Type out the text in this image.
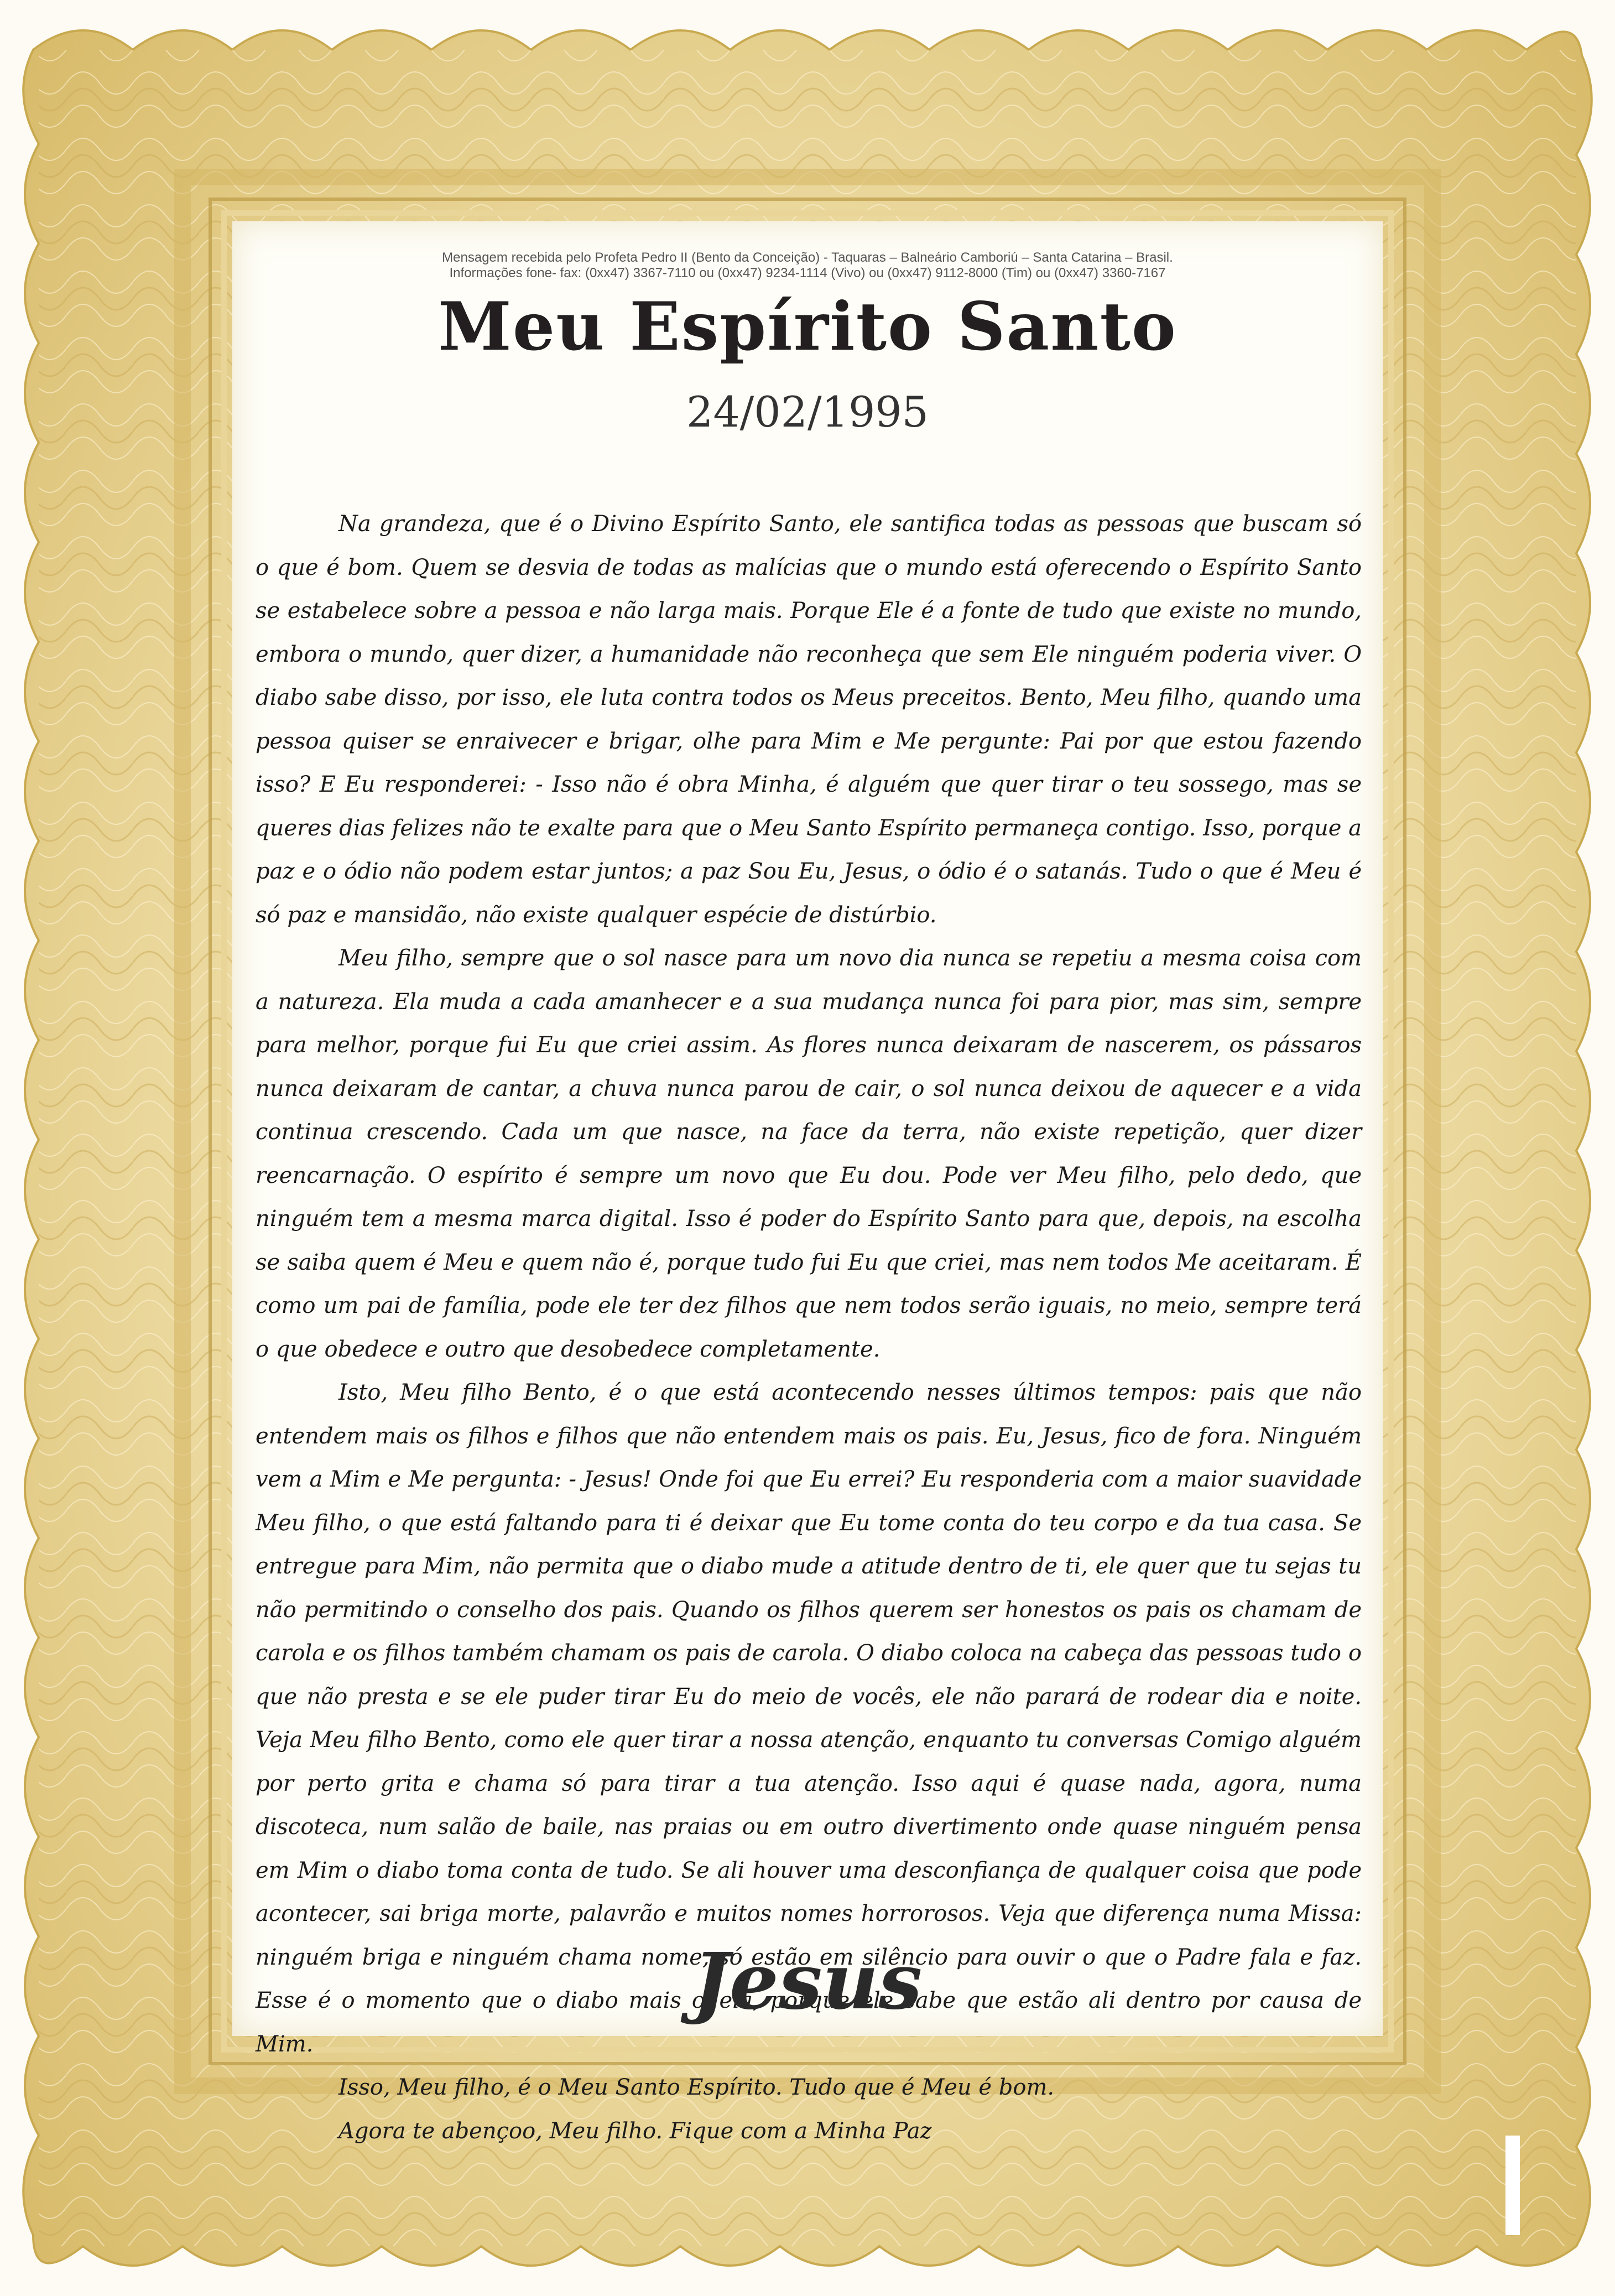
Mensagem recebida pelo Profeta Pedro II (Bento da Conceição) - Taquaras – Balneário Camboriú – Santa Catarina – Brasil.
Informações fone- fax: (0xx47) 3367-7110 ou (0xx47) 9234-1114 (Vivo) ou (0xx47) 9112-8000 (Tim) ou (0xx47) 3360-7167
Meu Espírito Santo
24/02/1995

Na grandeza, que é o Divino Espírito Santo, ele santifica todas as pessoas que buscam só o que é bom. Quem se desvia de todas as malícias que o mundo está oferecendo o Espírito Santo se estabelece sobre a pessoa e não larga mais. Porque Ele é a fonte de tudo que existe no mundo, embora o mundo, quer dizer, a humanidade não reconheça que sem Ele ninguém poderia viver. O diabo sabe disso, por isso, ele luta contra todos os Meus preceitos. Bento, Meu filho, quando uma pessoa quiser se enraivecer e brigar, olhe para Mim e Me pergunte: Pai por que estou fazendo isso? E Eu responderei: - Isso não é obra Minha, é alguém que quer tirar o teu sossego, mas se queres dias felizes não te exalte para que o Meu Santo Espírito permaneça contigo. Isso, porque a paz e o ódio não podem estar juntos; a paz Sou Eu, Jesus, o ódio é o satanás. Tudo o que é Meu é só paz e mansidão, não existe qualquer espécie de distúrbio.

Meu filho, sempre que o sol nasce para um novo dia nunca se repetiu a mesma coisa com a natureza. Ela muda a cada amanhecer e a sua mudança nunca foi para pior, mas sim, sempre para melhor, porque fui Eu que criei assim. As flores nunca deixaram de nascerem, os pássaros nunca deixaram de cantar, a chuva nunca parou de cair, o sol nunca deixou de aquecer e a vida continua crescendo. Cada um que nasce, na face da terra, não existe repetição, quer dizer reencarnação. O espírito é sempre um novo que Eu dou. Pode ver Meu filho, pelo dedo, que ninguém tem a mesma marca digital. Isso é poder do Espírito Santo para que, depois, na escolha se saiba quem é Meu e quem não é, porque tudo fui Eu que criei, mas nem todos Me aceitaram. É como um pai de família, pode ele ter dez filhos que nem todos serão iguais, no meio, sempre terá o que obedece e outro que desobedece completamente.

Isto, Meu filho Bento, é o que está acontecendo nesses últimos tempos: pais que não entendem mais os filhos e filhos que não entendem mais os pais. Eu, Jesus, fico de fora. Ninguém vem a Mim e Me pergunta: - Jesus! Onde foi que Eu errei? Eu responderia com a maior suavidade Meu filho, o que está faltando para ti é deixar que Eu tome conta do teu corpo e da tua casa. Se entregue para Mim, não permita que o diabo mude a atitude dentro de ti, ele quer que tu sejas tu não permitindo o conselho dos pais. Quando os filhos querem ser honestos os pais os chamam de carola e os filhos também chamam os pais de carola. O diabo coloca na cabeça das pessoas tudo o que não presta e se ele puder tirar Eu do meio de vocês, ele não parará de rodear dia e noite. Veja Meu filho Bento, como ele quer tirar a nossa atenção, enquanto tu conversas Comigo alguém por perto grita e chama só para tirar a tua atenção. Isso aqui é quase nada, agora, numa discoteca, num salão de baile, nas praias ou em outro divertimento onde quase ninguém pensa em Mim o diabo toma conta de tudo. Se ali houver uma desconfiança de qualquer coisa que pode acontecer, sai briga morte, palavrão e muitos nomes horrorosos. Veja que diferença numa Missa: ninguém briga e ninguém chama nome, só estão em silêncio para ouvir o que o Padre fala e faz. Esse é o momento que o diabo mais odeia, porque ele sabe que estão ali dentro por causa de Mim.

Isso, Meu filho, é o Meu Santo Espírito. Tudo que é Meu é bom.

Agora te abençoo, Meu filho. Fique com a Minha Paz

Jesus
